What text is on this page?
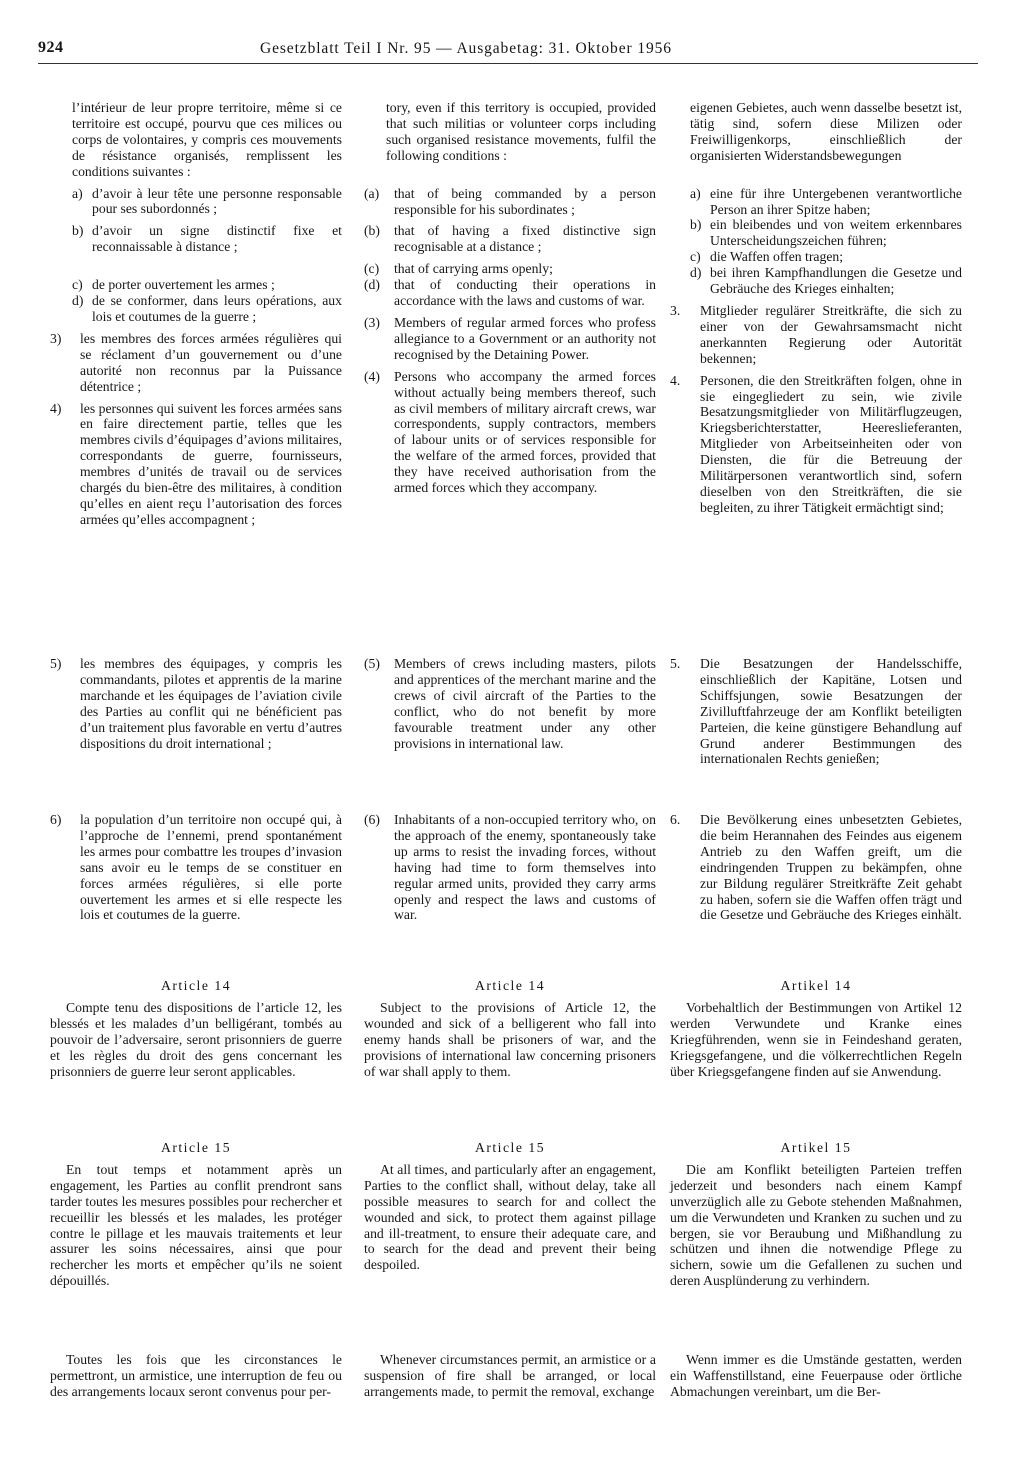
924	Gesetzblatt Teil I Nr. 95 — Ausgabetag: 31. Oktober 1956
l’intérieur de leur propre territoire, même si ce territoire est occupé, pourvu que ces milices ou corps de volontaires, y compris ces mouvements de résistance organisés, remplissent les conditions suivantes :
a) d’avoir à leur tête une personne responsable pour ses subordonnés ;
b) d’avoir un signe distinctif fixe et reconnaissable à distance ;
c) de porter ouvertement les armes ;
d) de se conformer, dans leurs opérations, aux lois et coutumes de la guerre ;
3)	les membres des forces armées régulières qui se réclament d’un gouvernement ou d’une autorité non reconnus par la Puissance détentrice ;
4)	les personnes qui suivent les forces armées sans en faire directement partie, telles que les membres civils d’équipages d’avions militaires, correspondants de guerre, fournisseurs, membres d’unités de travail ou de services chargés du bien-être des militaires, à condition qu’elles en aient reçu l’autorisation des forces armées qu’elles accompagnent ;
5)	les membres des équipages, y compris les commandants, pilotes et apprentis de la marine marchande et les équipages de l’aviation civile des Parties au conflit qui ne bénéficient pas d’un traitement plus favorable en vertu d’autres dispositions du droit international ;
6)	la population d’un territoire non occupé qui, à l’approche de l’ennemi, prend spontanément les armes pour combattre les troupes d’invasion sans avoir eu le temps de se constituer en forces armées régulières, si elle porte ouvertement les armes et si elle respecte les lois et coutumes de la guerre.
Article 14
Compte tenu des dispositions de l’article 12, les blessés et les malades d’un belligérant, tombés au pouvoir de l’adversaire, seront prisonniers de guerre et les règles du droit des gens concernant les prisonniers de guerre leur seront applicables.
Article 15
En tout temps et notamment après un engagement, les Parties au conflit prendront sans tarder toutes les mesures possibles pour rechercher et recueillir les blessés et les malades, les protéger contre le pillage et les mauvais traitements et leur assurer les soins nécessaires, ainsi que pour rechercher les morts et empêcher qu’ils ne soient dépouillés.
Toutes les fois que les circonstances le permettront, un armistice, une interruption de feu ou des arrangements locaux seront convenus pour per-
tory, even if this territory is occupied, provided that such militias or volunteer corps including such organised resistance movements, fulfil the following conditions :
(a)	that of being commanded by a person responsible for his subordinates ;
(b)	that of having a fixed distinctive sign recognisable at a distance ;
(c)	that of carrying arms openly;
(d)	that of conducting their operations in accordance with the laws and customs of war.
(3)	Members of regular armed forces who profess allegiance to a Government or an authority not recognised by the Detaining Power.
(4)	Persons who accompany the armed forces without actually being members thereof, such as civil members of military aircraft crews, war correspondents, supply contractors, members of labour units or of services responsible for the welfare of the armed forces, provided that they have received authorisation from the armed forces which they accompany.
(5)	Members of crews including masters, pilots and apprentices of the merchant marine and the crews of civil aircraft of the Parties to the conflict, who do not benefit by more favourable treatment under any other provisions in international law.
(6)	Inhabitants of a non-occupied territory who, on the approach of the enemy, spontaneously take up arms to resist the invading forces, without having had time to form themselves into regular armed units, provided they carry arms openly and respect the laws and customs of war.
Article 14
Subject to the provisions of Article 12, the wounded and sick of a belligerent who fall into enemy hands shall be prisoners of war, and the provisions of international law concerning prisoners of war shall apply to them.
Article 15
At all times, and particularly after an engagement, Parties to the conflict shall, without delay, take all possible measures to search for and collect the wounded and sick, to protect them against pillage and ill-treatment, to ensure their adequate care, and to search for the dead and prevent their being despoiled.
Whenever circumstances permit, an armistice or a suspension of fire shall be arranged, or local arrangements made, to permit the removal, exchange
eigenen Gebietes, auch wenn dasselbe besetzt ist, tätig sind, sofern diese Milizen oder Freiwilligenkorps, einschließlich der organisierten Widerstandsbewegungen
a) eine für ihre Untergebenen verantwortliche Person an ihrer Spitze haben;
b) ein bleibendes und von weitem erkennbares Unterscheidungszeichen führen;
c) die Waffen offen tragen;
d) bei ihren Kampfhandlungen die Gesetze und Gebräuche des Krieges einhalten;
3.	Mitglieder regulärer Streitkräfte, die sich zu einer von der Gewahrsamsmacht nicht anerkannten Regierung oder Autorität bekennen;
4.	Personen, die den Streitkräften folgen, ohne in sie eingegliedert zu sein, wie zivile Besatzungsmitglieder von Militärflugzeugen, Kriegsberichterstatter, Heereslieferanten, Mitglieder von Arbeitseinheiten oder von Diensten, die für die Betreuung der Militärpersonen verantwortlich sind, sofern dieselben von den Streitkräften, die sie begleiten, zu ihrer Tätigkeit ermächtigt sind;
5.	Die Besatzungen der Handelsschiffe, einschließlich der Kapitäne, Lotsen und Schiffsjungen, sowie Besatzungen der Zivilluftfahrzeuge der am Konflikt beteiligten Parteien, die keine günstigere Behandlung auf Grund anderer Bestimmungen des internationalen Rechts genießen;
6.	Die Bevölkerung eines unbesetzten Gebietes, die beim Herannahen des Feindes aus eigenem Antrieb zu den Waffen greift, um die eindringenden Truppen zu bekämpfen, ohne zur Bildung regulärer Streitkräfte Zeit gehabt zu haben, sofern sie die Waffen offen trägt und die Gesetze und Gebräuche des Krieges einhält.
Artikel 14
Vorbehaltlich der Bestimmungen von Artikel 12 werden Verwundete und Kranke eines Kriegführenden, wenn sie in Feindeshand geraten, Kriegsgefangene, und die völkerrechtlichen Regeln über Kriegsgefangene finden auf sie Anwendung.
Artikel 15
Die am Konflikt beteiligten Parteien treffen jederzeit und besonders nach einem Kampf unverzüglich alle zu Gebote stehenden Maßnahmen, um die Verwundeten und Kranken zu suchen und zu bergen, sie vor Beraubung und Mißhandlung zu schützen und ihnen die notwendige Pflege zu sichern, sowie um die Gefallenen zu suchen und deren Ausplünderung zu verhindern.
Wenn immer es die Umstände gestatten, werden ein Waffenstillstand, eine Feuerpause oder örtliche Abmachungen vereinbart, um die Ber-
